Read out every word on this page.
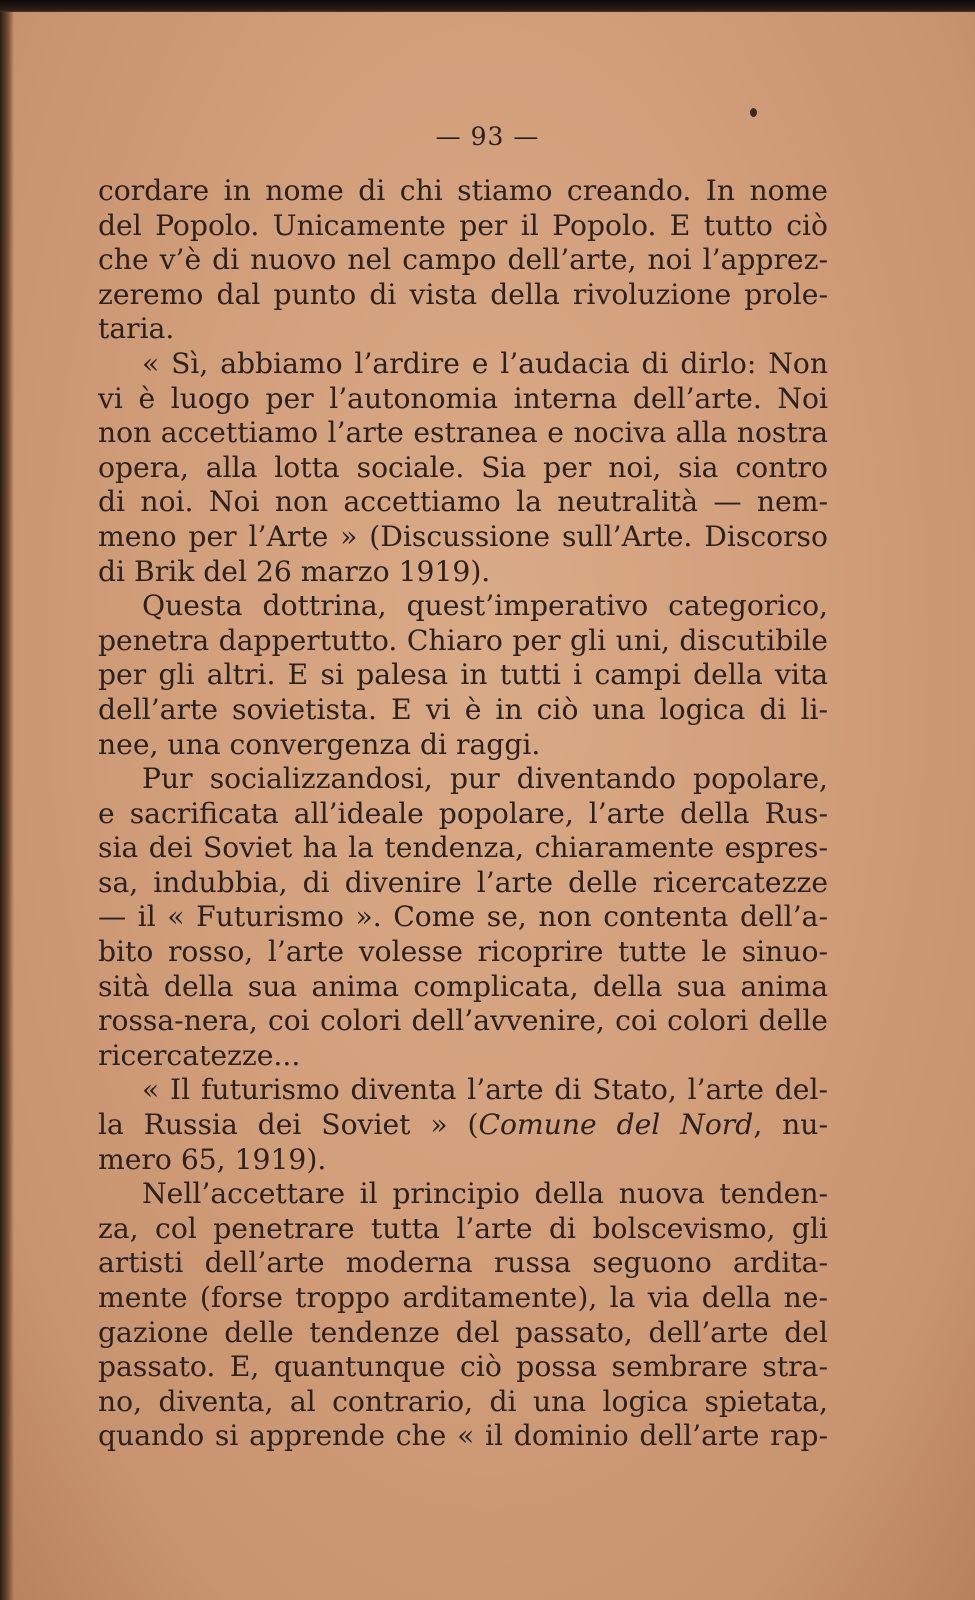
— 93 —
cordare in nome di chi stiamo creando. In nome
del Popolo. Unicamente per il Popolo. E tutto ciò
che v’è di nuovo nel campo dell’arte, noi l’apprez-
zeremo dal punto di vista della rivoluzione prole-
taria.
« Sì, abbiamo l’ardire e l’audacia di dirlo: Non
vi è luogo per l’autonomia interna dell’arte. Noi
non accettiamo l’arte estranea e nociva alla nostra
opera, alla lotta sociale. Sia per noi, sia contro
di noi. Noi non accettiamo la neutralità — nem-
meno per l’Arte » (Discussione sull’Arte. Discorso
di Brik del 26 marzo 1919).
Questa dottrina, quest’imperativo categorico,
penetra dappertutto. Chiaro per gli uni, discutibile
per gli altri. E si palesa in tutti i campi della vita
dell’arte sovietista. E vi è in ciò una logica di li-
nee, una convergenza di raggi.
Pur socializzandosi, pur diventando popolare,
e sacrificata all’ideale popolare, l’arte della Rus-
sia dei Soviet ha la tendenza, chiaramente espres-
sa, indubbia, di divenire l’arte delle ricercatezze
— il « Futurismo ». Come se, non contenta dell’a-
bito rosso, l’arte volesse ricoprire tutte le sinuo-
sità della sua anima complicata, della sua anima
rossa-nera, coi colori dell’avvenire, coi colori delle
ricercatezze...
« Il futurismo diventa l’arte di Stato, l’arte del-
la Russia dei Soviet » (Comune del Nord, nu-
mero 65, 1919).
Nell’accettare il principio della nuova tenden-
za, col penetrare tutta l’arte di bolscevismo, gli
artisti dell’arte moderna russa seguono ardita-
mente (forse troppo arditamente), la via della ne-
gazione delle tendenze del passato, dell’arte del
passato. E, quantunque ciò possa sembrare stra-
no, diventa, al contrario, di una logica spietata,
quando si apprende che « il dominio dell’arte rap-
